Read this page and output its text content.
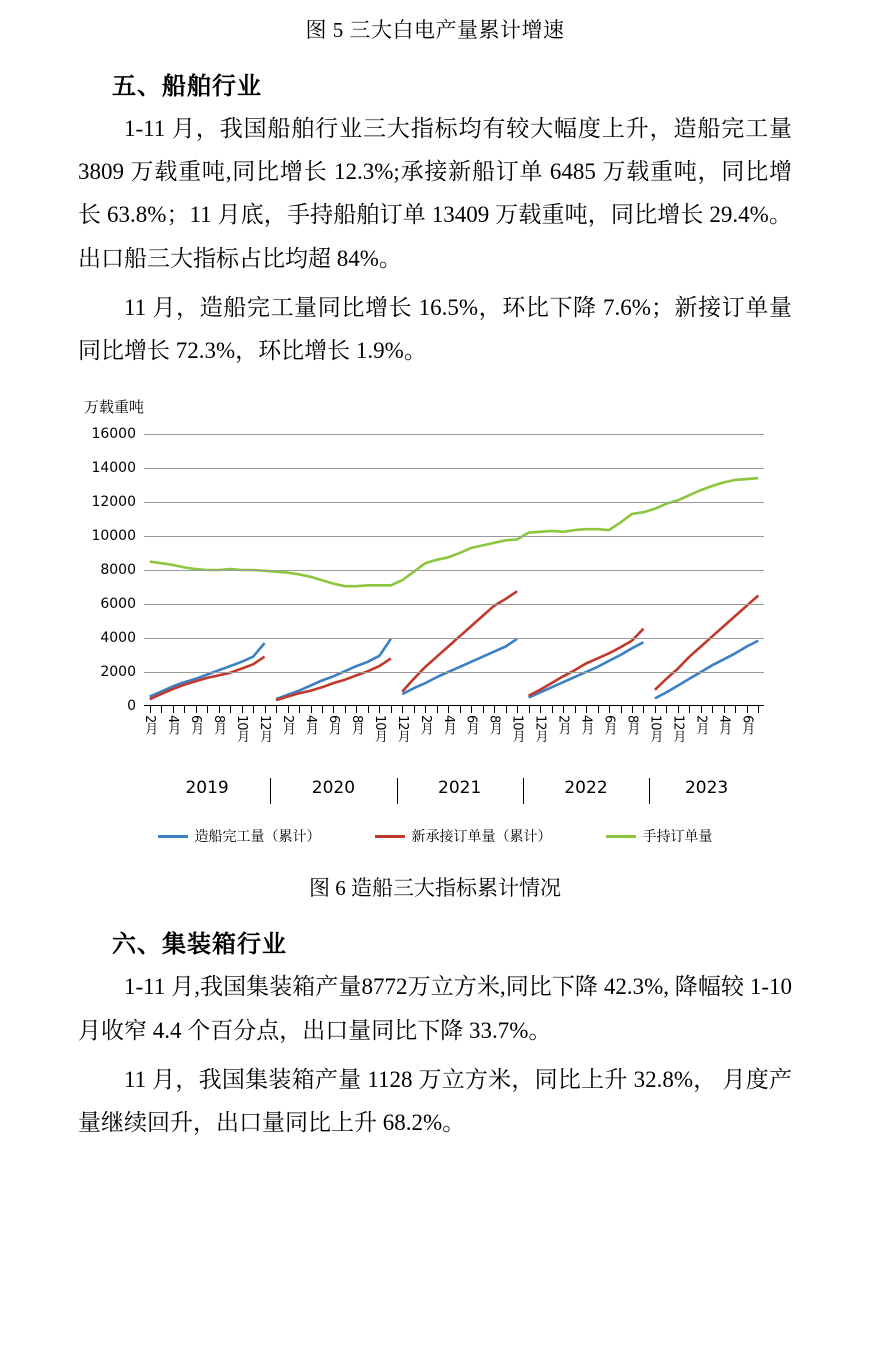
图 5 三大白电产量累计增速
五、船舶行业

1-11 月，我国船舶行业三大指标均有较大幅度上升，造船完工量 3809 万载重吨,同比增长 12.3%;承接新船订单 6485 万载重吨，同比增长 63.8%；11 月底，手持船舶订单 13409 万载重吨，同比增长 29.4%。出口船三大指标占比均超 84%。

11 月，造船完工量同比增长 16.5%，环比下降 7.6%；新接订单量同比增长 72.3%，环比增长 1.9%。

万载重吨
0
2000
4000
6000
8000
10000
12000
14000
16000
2月 4月 6月 8月 10月 12月 2月 4月 6月 8月 10月 12月 2月 4月 6月 8月 10月 12月 2月 4月 6月 8月 10月 12月 2月 4月 6月
2019	2020	2021	2022	2023
造船完工量（累计）	新承接订单量（累计）	手持订单量
图 6 造船三大指标累计情况
六、集装箱行业

1-11 月,我国集装箱产量8772万立方米,同比下降 42.3%, 降幅较 1-10 月收窄 4.4 个百分点，出口量同比下降 33.7%。

11 月，我国集装箱产量 1128 万立方米，同比上升 32.8%， 月度产量继续回升，出口量同比上升 68.2%。
